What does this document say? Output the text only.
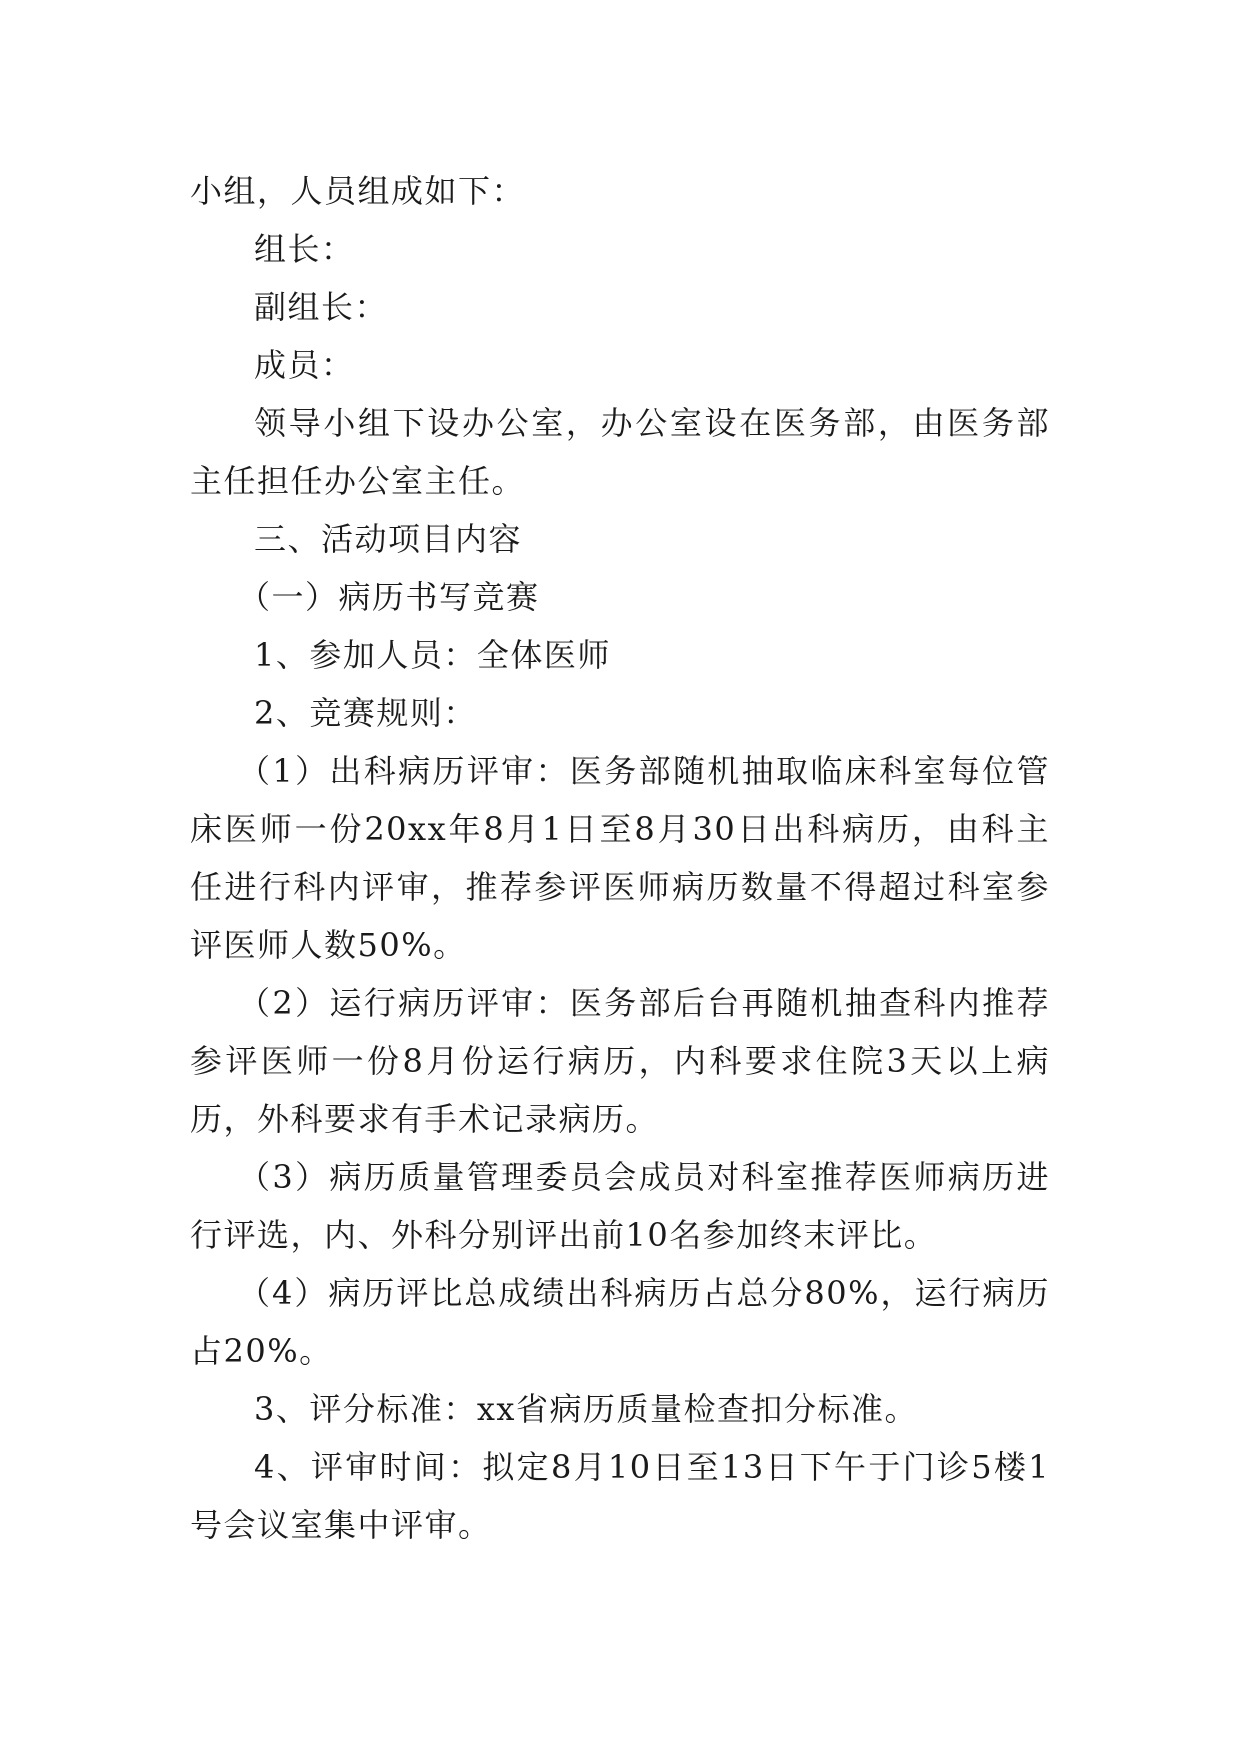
小组，人员组成如下：

组长：

副组长：

成员：

领导小组下设办公室，办公室设在医务部，由医务部主任担任办公室主任。

三、活动项目内容

（一）病历书写竞赛

1、参加人员：全体医师

2、竞赛规则：

（1）出科病历评审：医务部随机抽取临床科室每位管床医师一份20xx年8月1日至8月30日出科病历，由科主任进行科内评审，推荐参评医师病历数量不得超过科室参评医师人数50%。

（2）运行病历评审：医务部后台再随机抽查科内推荐参评医师一份8月份运行病历，内科要求住院3天以上病历，外科要求有手术记录病历。

（3）病历质量管理委员会成员对科室推荐医师病历进行评选，内、外科分别评出前10名参加终末评比。

（4）病历评比总成绩出科病历占总分80%，运行病历占20%。

3、评分标准：xx省病历质量检查扣分标准。

4、评审时间：拟定8月10日至13日下午于门诊5楼1号会议室集中评审。
